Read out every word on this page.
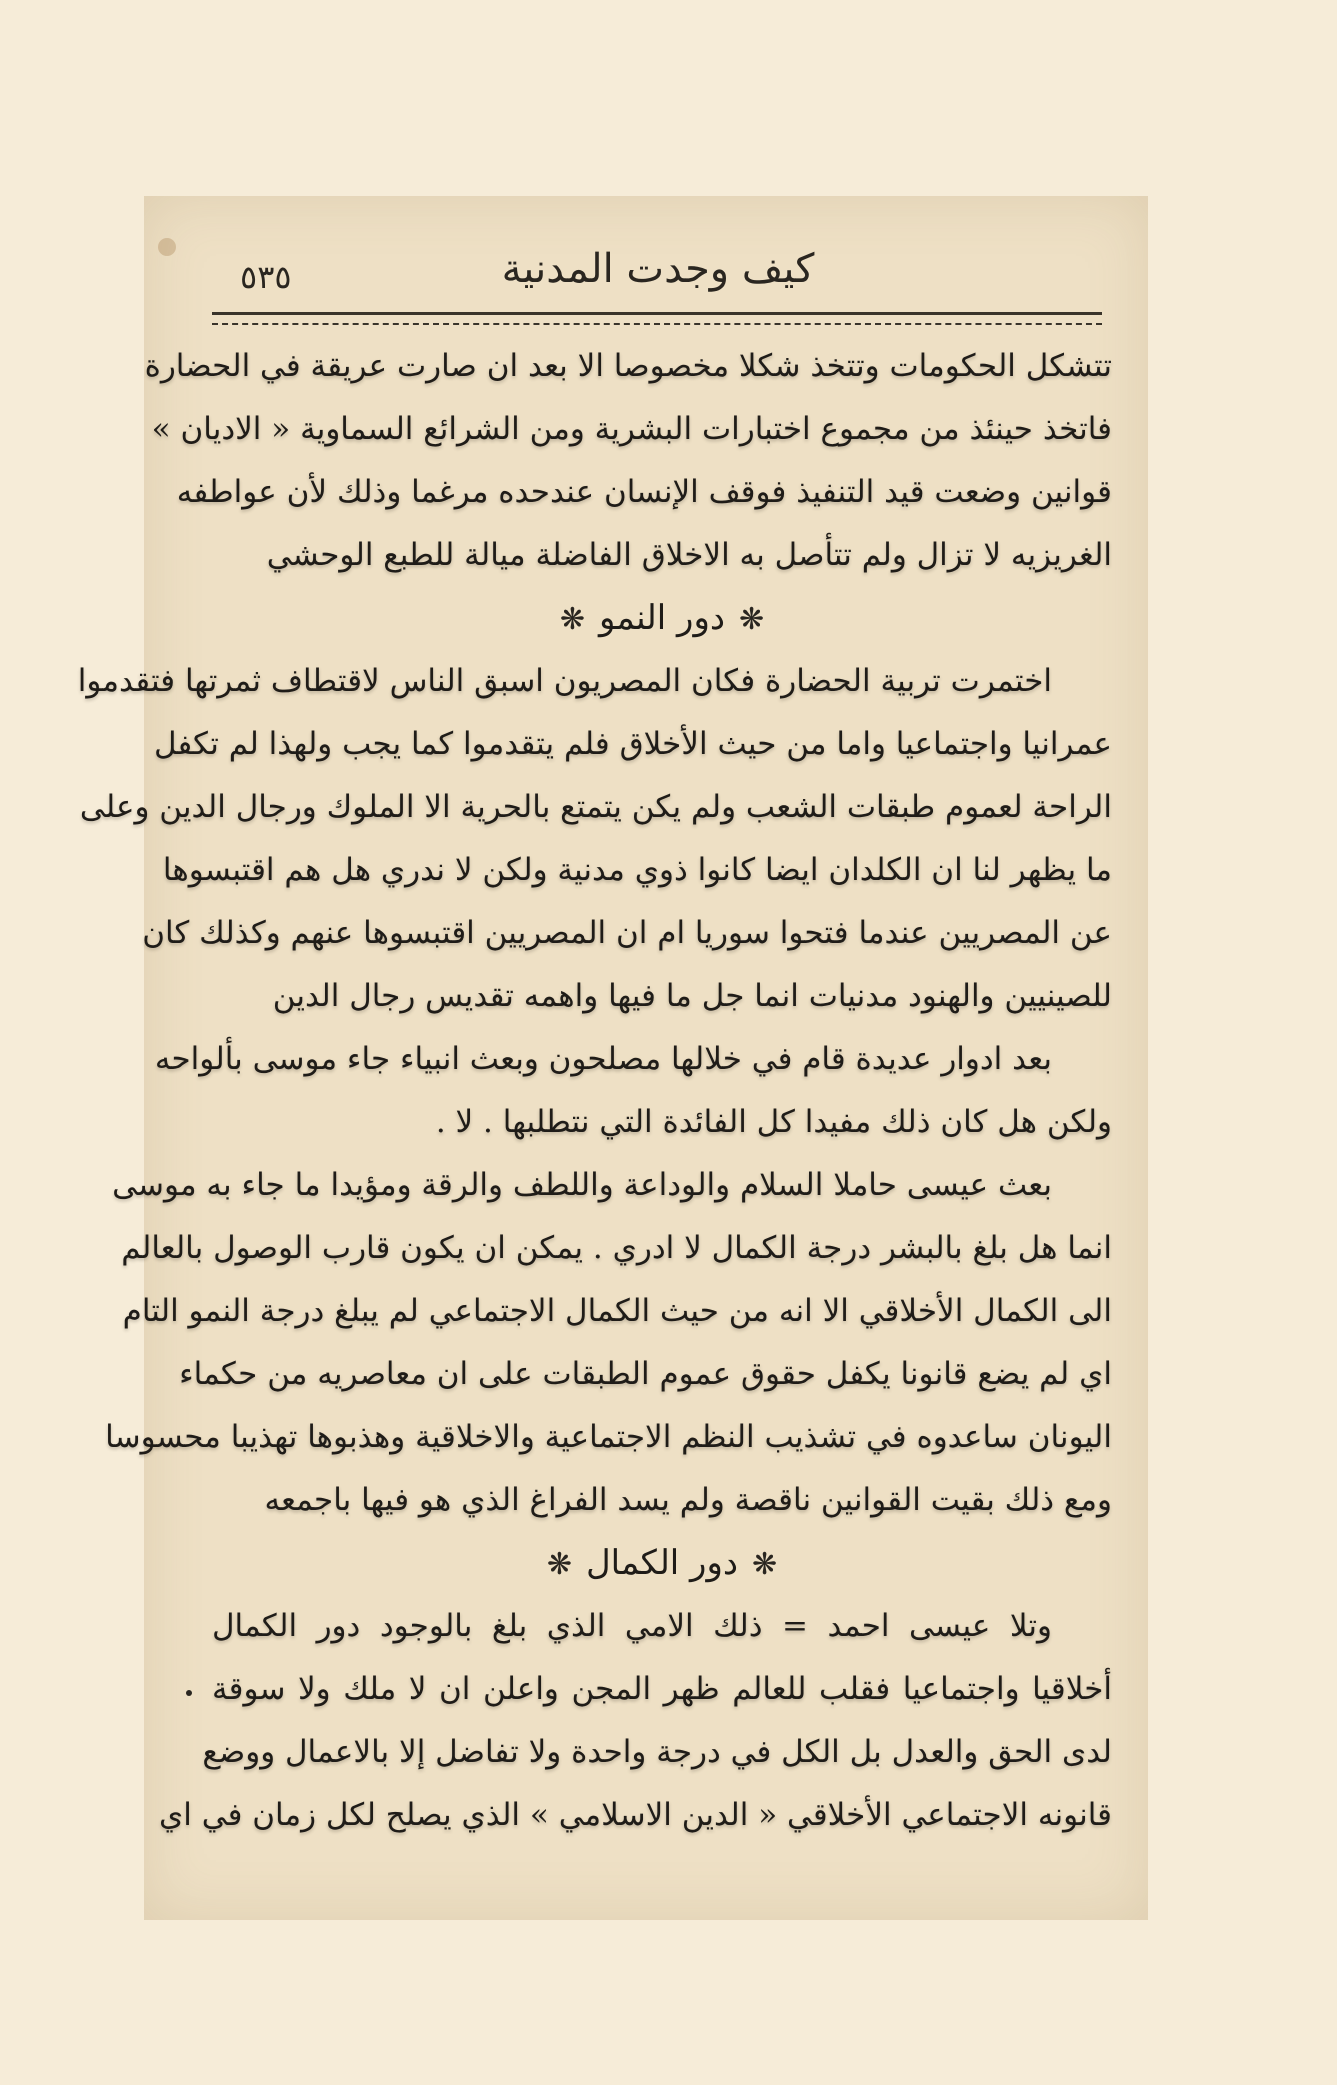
٥٣٥	كيف وجدت المدنية
تتشكل الحكومات وتتخذ شكلا مخصوصا الا بعد ان صارت عريقة في الحضارة
فاتخذ حينئذ من مجموع اختبارات البشرية ومن الشرائع السماوية « الاديان »
قوانين وضعت قيد التنفيذ فوقف الإنسان عندحده مرغما وذلك لأن عواطفه
الغريزيه لا تزال ولم تتأصل به الاخلاق الفاضلة ميالة للطبع الوحشي
❋دور النمو❋
اختمرت تربية الحضارة فكان المصريون اسبق الناس لاقتطاف ثمرتها فتقدموا
عمرانيا واجتماعيا واما من حيث الأخلاق فلم يتقدموا كما يجب ولهذا لم تكفل
الراحة لعموم طبقات الشعب ولم يكن يتمتع بالحرية الا الملوك ورجال الدين وعلى
ما يظهر لنا ان الكلدان ايضا كانوا ذوي مدنية ولكن لا ندري هل هم اقتبسوها
عن المصريين عندما فتحوا سوريا ام ان المصريين اقتبسوها عنهم وكذلك كان
للصينيين والهنود مدنيات انما جل ما فيها واهمه تقديس رجال الدين
بعد ادوار عديدة قام في خلالها مصلحون وبعث انبياء جاء موسى بألواحه
ولكن هل كان ذلك مفيدا كل الفائدة التي نتطلبها . لا .
بعث عيسى حاملا السلام والوداعة واللطف والرقة ومؤيدا ما جاء به موسى
انما هل بلغ بالبشر درجة الكمال لا ادري . يمكن ان يكون قارب الوصول بالعالم
الى الكمال الأخلاقي الا انه من حيث الكمال الاجتماعي لم يبلغ درجة النمو التام
اي لم يضع قانونا يكفل حقوق عموم الطبقات على ان معاصريه من حكماء
اليونان ساعدوه في تشذيب النظم الاجتماعية والاخلاقية وهذبوها تهذيبا محسوسا
ومع ذلك بقيت القوانين ناقصة ولم يسد الفراغ الذي هو فيها باجمعه
❋دور الكمال❋
وتلا عيسى احمد = ذلك الامي الذي بلغ بالوجود دور الكمال
أخلاقيا واجتماعيا فقلب للعالم ظهر المجن واعلن ان لا ملك ولا سوقة
لدى الحق والعدل بل الكل في درجة واحدة ولا تفاضل إلا بالاعمال ووضع
قانونه الاجتماعي الأخلاقي « الدين الاسلامي » الذي يصلح لكل زمان في اي
